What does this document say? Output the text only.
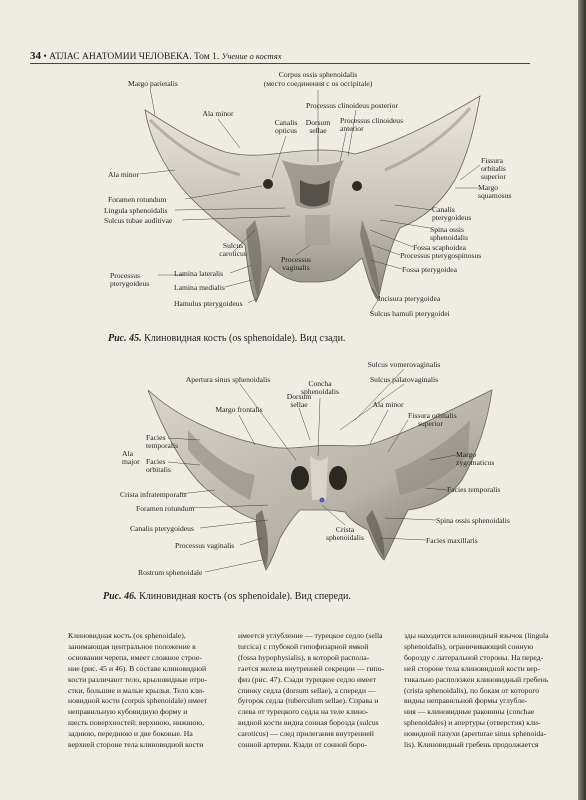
34 • АТЛАС АНАТОМИИ ЧЕЛОВЕКА. Том 1. Учение о костях
Margo parietalis
Corpus ossis sphenoidalis
(место соединения с os occipitale)
Processus clinoideus posterior
Ala minor
Canalis
opticus
Dorsum
sellae
Processus clinoideus
anterior
Ala minor
Fissura
orbitalis
superior
Margo
squamosus
Foramen rotundum
Lingula sphenoidalis
Sulcus tubae auditivae
Canalis
pterygoideus
Spina ossis
sphenoidalis
Fossa scaphoidea
Sulcus
caroticus	Processus pterygospinosus
Processus
vaginalis	Fossa pterygoidea
Lamina lateralis
Processus
pterygoideus	Lamina medialis
Incisura pterygoidea
Hamulus pterygoideus
Sulcus hamuli pterygoidei
Рис. 45. Клиновидная кость (os sphenoidale). Вид сзади.
Sulcus vomerovaginalis
Apertura sinus sphenoidalis	Concha
sphenoidalis
Sulcus palatovaginalis
Dorsum
sellae
Margo frontalis
Ala minor
Fissura orbitalis
superior
Ala
major
Facies
temporalis
Facies
orbitalis
Margo
zygomaticus
Facies temporalis
Crista infratemporalis
Foramen rotundum
Spina ossis sphenoidalis
Canalis pterygoideus	Crista
sphenoidalis	Facies maxillaris
Processus vaginalis
Rostrum sphenoidale
Рис. 46. Клиновидная кость (os sphenoidale). Вид спереди.

Клиновидная кость (os sphenoidale),

занимающая центральное положение в

основании черепа, имеет сложное строе-

ние (рис. 45 и 46). В составе клиновидной

кости различают тело, крыловидные отро-

стки, большие и малые крылья. Тело кли-

новидной кости (corpus sphenoidale) имеет

неправильную кубовидную форму и

шесть поверхностей: верхнюю, нижнюю,

заднюю, переднюю и две боковые. На

верхней стороне тела клиновидной кости

имеется углубление — турецкое седло (sella

turcica) с глубокой гипофизарной ямкой

(fossa hypophysialis), в которой распола-

гается железа внутренней секреции — гипо-

физ (рис. 47). Сзади турецкое седло имеет

спинку седла (dorsum sellae), а спереди —

бугорок седла (tuberculum sellae). Справа и

слева от турецкого седла на теле клино-

видной кости видна сонная борозда (sulcus

caroticus) — след прилегания внутренней

сонной артерии. Кзади от сонной боро-

зды находится клиновидный язычок (lingula

sphenoidalis), ограничивающий сонную

борозду с латеральной стороны. На перед-

ней стороне тела клиновидной кости вер-

тикально расположен клиновидный гребень

(crista sphenoidalis), по бокам от которого

видны неправильной формы углубле-

ния — клиновидные раковины (conchae

sphenoidales) и апертуры (отверстия) кли-

новидной пазухи (aperturae sinus sphenoida-

lis). Клиновидный гребень продолжается
